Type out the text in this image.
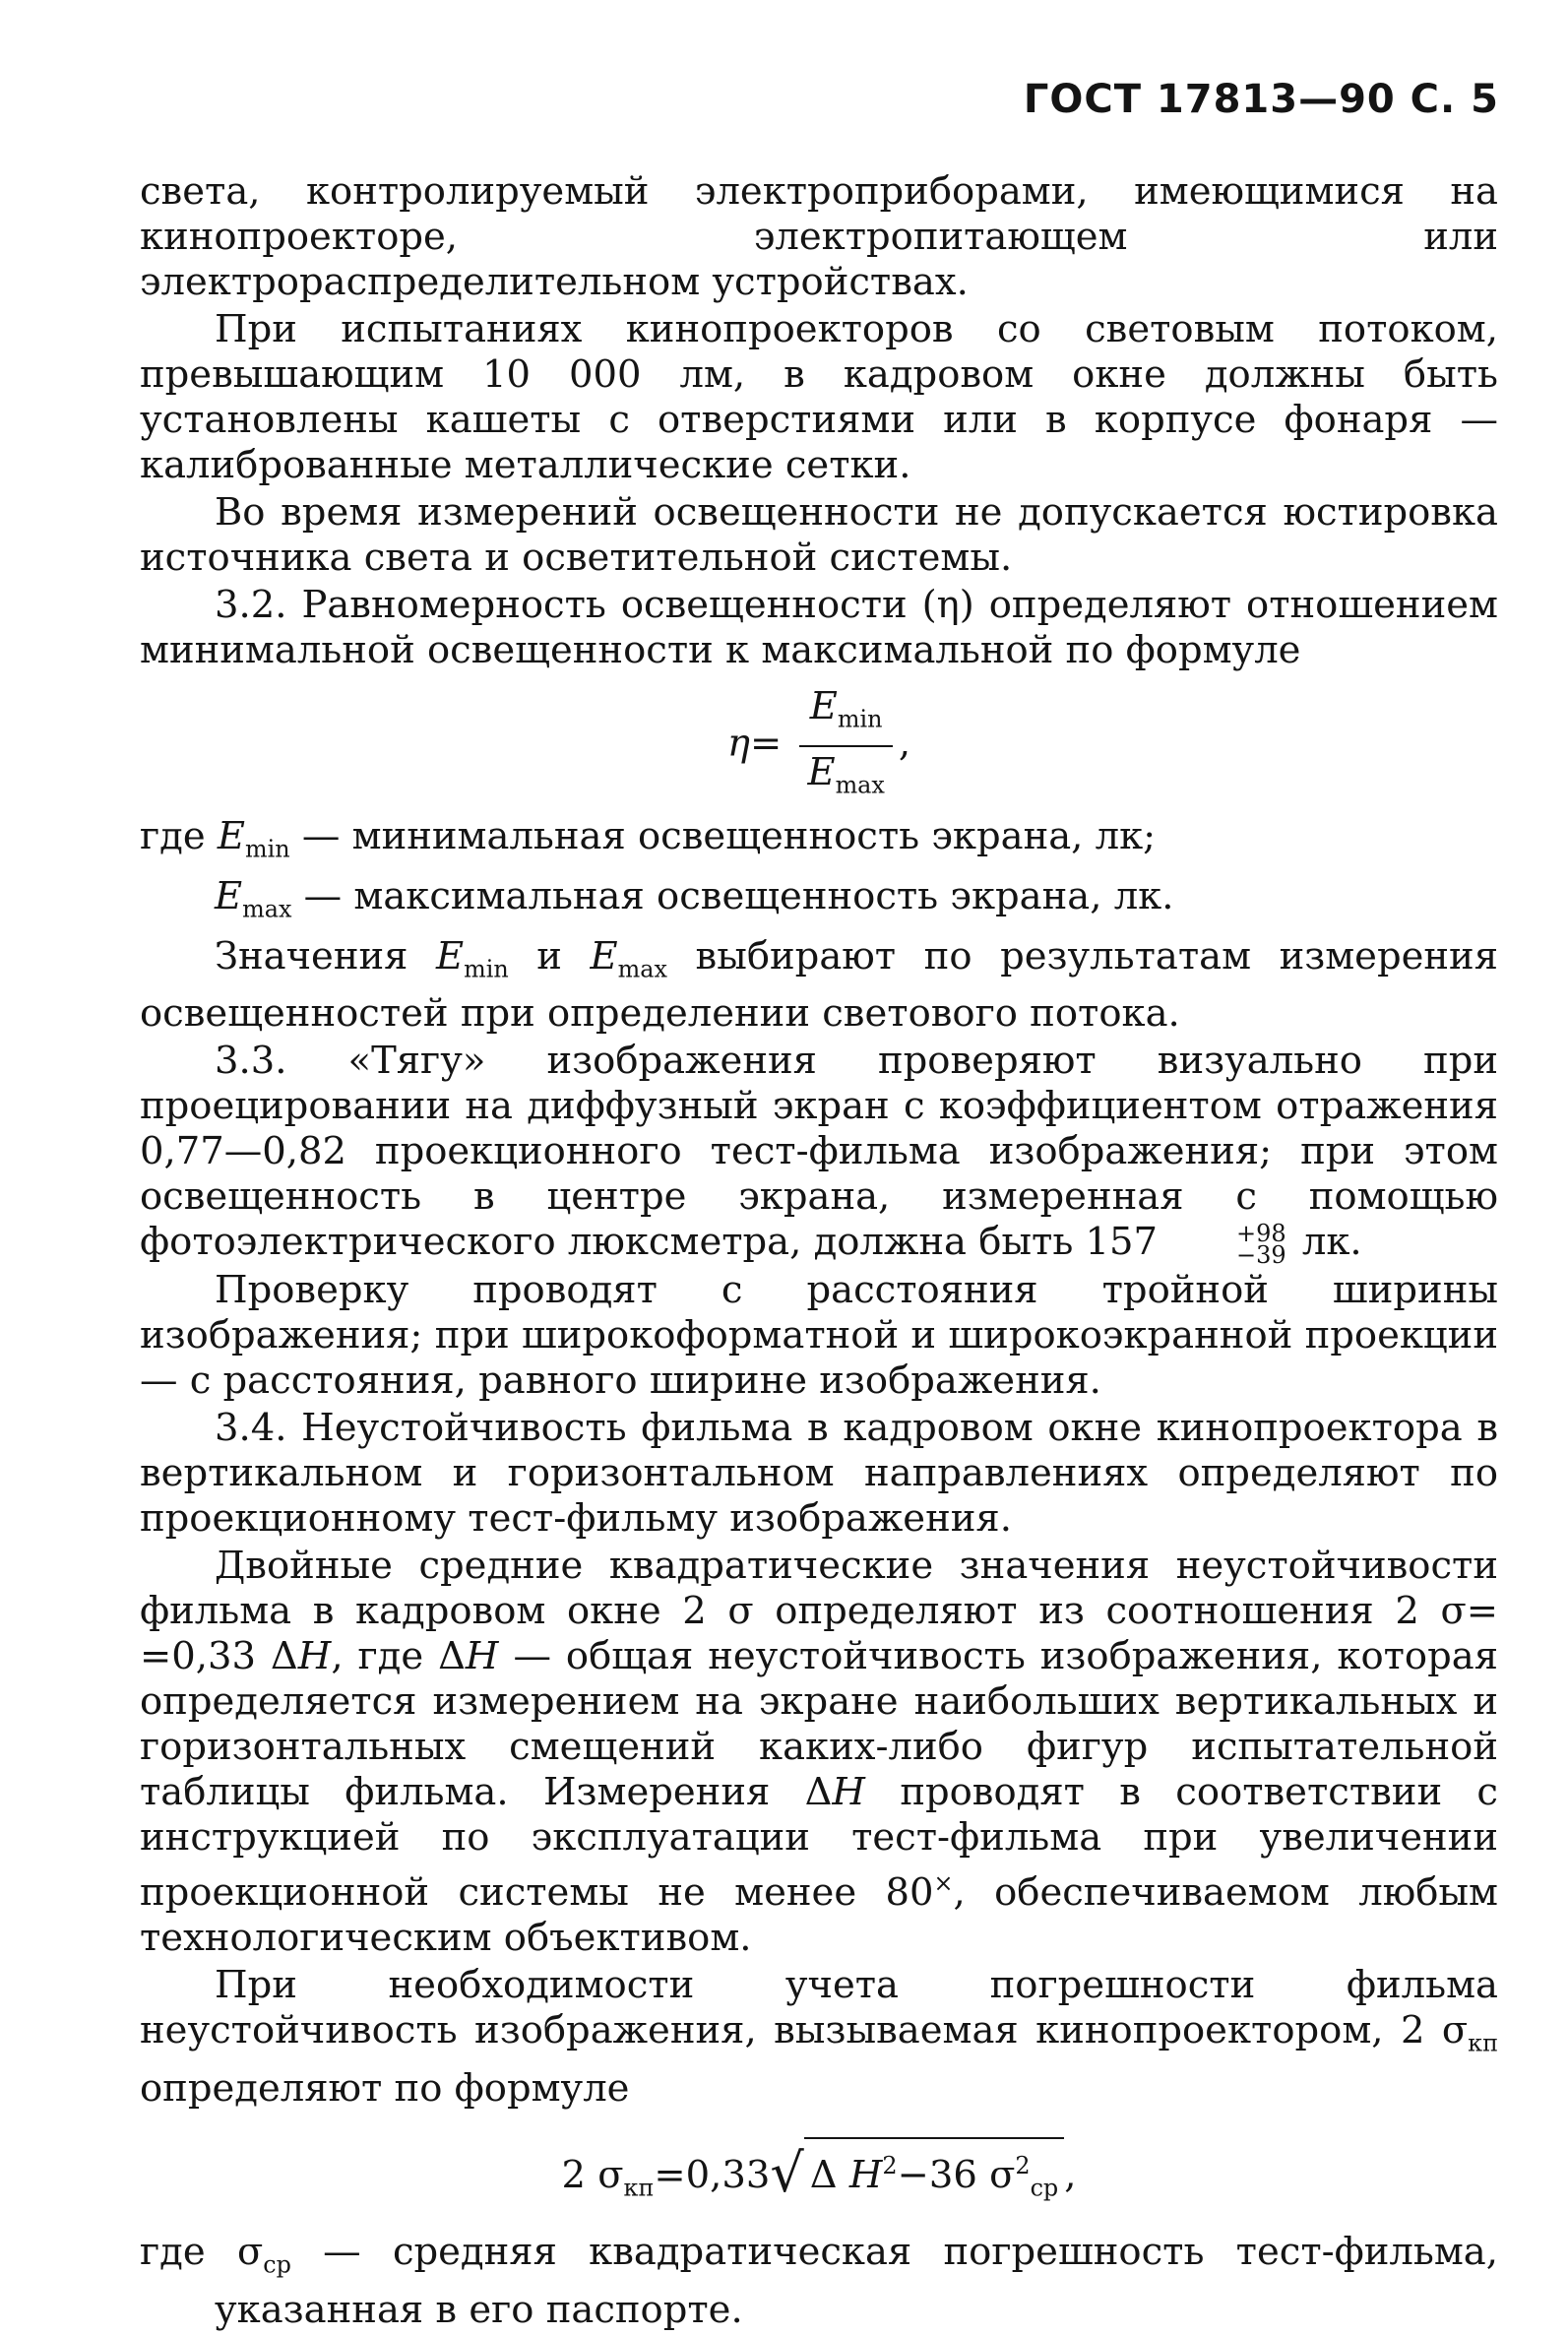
ГОСТ 17813—90 С. 5

света, контролируемый электроприборами, имеющимися на кинопроекторе, электропитающем или электрораспределительном устройствах.

При испытаниях кинопроекторов со световым потоком, превышающим 10 000 лм, в кадровом окне должны быть установлены кашеты с отверстиями или в корпусе фонаря — калиброванные металлические сетки.

Во время измерений освещенности не допускается юстировка источника света и осветительной системы.

3.2. Равномерность освещенности (η) определяют отношением минимальной освещенности к максимальной по формуле

$\eta= \frac{E_{min}}{E_{max}}$ ,

где $E_{min}$ — минимальная освещенность экрана, лк;

$E_{max}$ — максимальная освещенность экрана, лк.

Значения $E_{min}$ и $E_{max}$ выбирают по результатам измерения освещенностей при определении светового потока.

3.3. «Тягу» изображения проверяют визуально при проецировании на диффузный экран с коэффициентом отражения 0,77—0,82 проекционного тест-фильма изображения; при этом освещенность в центре экрана, измеренная с помощью фотоэлектрического люксметра, должна быть 157	+98
−39 лк.

Проверку проводят с расстояния тройной ширины изображения; при широкоформатной и широкоэкранной проекции — с расстояния, равного ширине изображения.

3.4. Неустойчивость фильма в кадровом окне кинопроектора в вертикальном и горизонтальном направлениях определяют по проекционному тест-фильму изображения.

Двойные средние квадратические значения неустойчивости фильма в кадровом окне 2 σ определяют из соотношения 2 σ= =0,33 ΔH, где ΔH — общая неустойчивость изображения, которая определяется измерением на экране наибольших вертикальных и горизонтальных смещений каких-либо фигур испытательной таблицы фильма. Измерения ΔH проводят в соответствии с инструкцией по эксплуатации тест-фильма при увеличении проекционной системы не менее 80×, обеспечиваемом любым технологическим объективом.

При необходимости учета погрешности фильма неустойчивость изображения, вызываемая кинопроектором, 2 $\sigma_{кп}$ определяют по формуле

2 $\sigma_{кп}=0,33√$ Δ $H^2-36$ $\sigma^2_{ср}$ ,

где $\sigma_{ср}$ — средняя квадратическая погрешность тест-фильма, указанная в его паспорте.
